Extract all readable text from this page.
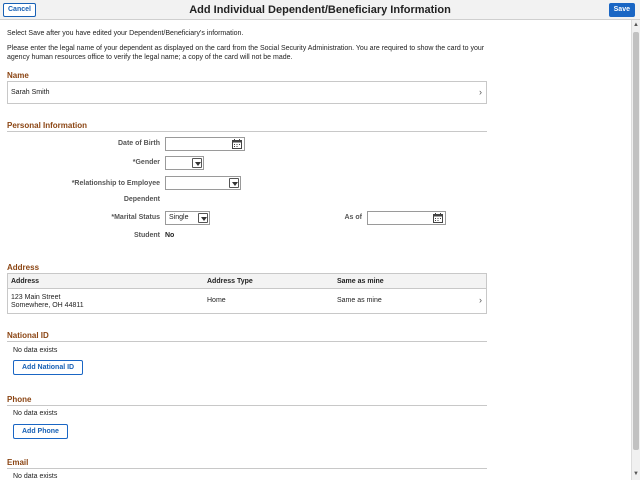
Cancel	Add Individual Dependent/Beneficiary Information	Save
Select Save after you have edited your Dependent/Beneficiary's information.
Please enter the legal name of your dependent as displayed on the card from the Social Security Administration. You are required to show the card to your
agency human resources office to verify the legal name; a copy of the card will not be made.
Name
Sarah Smith	›
Personal Information
Date of Birth
*Gender
*Relationship to Employee
Dependent
*Marital Status Single	As of
Student No
Address
Address	Address Type	Same as mine
123 Main Street
Somewhere, OH 44811
Home	Same as mine	›
National ID
No data exists
Add National ID
Phone
No data exists
Add Phone
Email
No data exists
▲
▼
